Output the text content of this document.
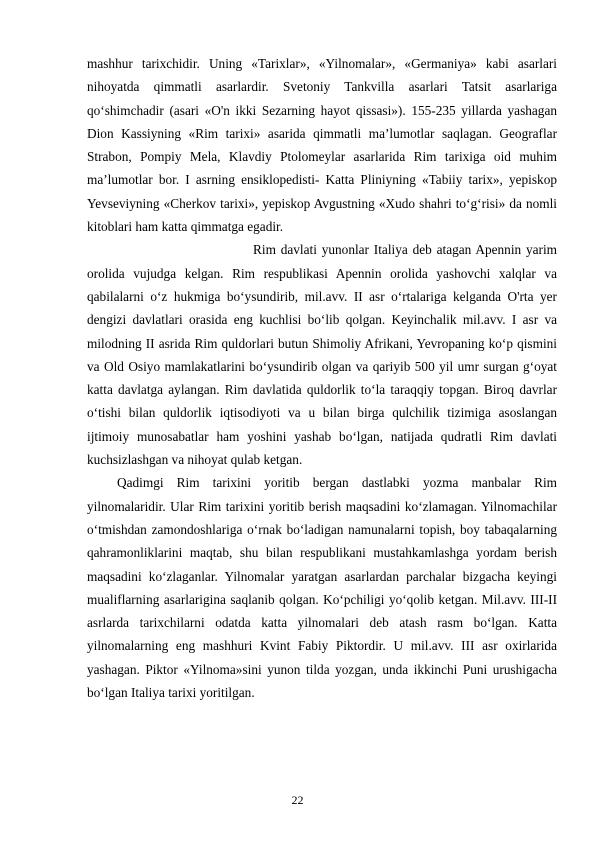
mashhur tarixchidir. Uning «Tarixlar», «Yilnomalar», «Germaniya» kabi asarlari nihoyatda qimmatli asarlardir. Svetoniy Tankvilla asarlari Tatsit asarlariga qo‘shimchadir (asari «O'n ikki Sezarning hayot qissasi»). 155-235 yillarda yashagan Dion Kassiyning «Rim tarixi» asarida qimmatli ma’lumotlar saqlagan. Geograflar Strabon, Pompiy Mela, Klavdiy Ptolomeylar asarlarida Rim tarixiga oid muhim ma’lumotlar bor. I asrning ensiklopedisti- Katta Pliniyning «Tabiiy tarix», yepiskop Yevseviyning «Cherkov tarixi», yepiskop Avgustning «Xudo shahri to‘g‘risi» da nomli kitoblari ham katta qimmatga egadir.

Rim davlati yunonlar Italiya deb atagan Apennin yarim orolida vujudga kelgan. Rim respublikasi Apennin orolida yashovchi xalqlar va qabilalarni o‘z hukmiga bo‘ysundirib, mil.avv. II asr o‘rtalariga kelganda O'rta yer dengizi davlatlari orasida eng kuchlisi bo‘lib qolgan. Keyinchalik mil.avv. I asr va milodning II asrida Rim quldorlari butun Shimoliy Afrikani, Yevropaning ko‘p qismini va Old Osiyo mamlakatlarini bo‘ysundirib olgan va qariyib 500 yil umr surgan g‘oyat katta davlatga aylangan. Rim davlatida quldorlik to‘la taraqqiy topgan. Biroq davrlar o‘tishi bilan quldorlik iqtisodiyoti va u bilan birga qulchilik tizimiga asoslangan ijtimoiy munosabatlar ham yoshini yashab bo‘lgan, natijada qudratli Rim davlati kuchsizlashgan va nihoyat qulab ketgan.

Qadimgi Rim tarixini yoritib bergan dastlabki yozma manbalar Rim yilnomalaridir. Ular Rim tarixini yoritib berish maqsadini ko‘zlamagan. Yilnomachilar o‘tmishdan zamondoshlariga o‘rnak bo‘ladigan namunalarni topish, boy tabaqalarning qahramonliklarini maqtab, shu bilan respublikani mustahkamlashga yordam berish maqsadini ko‘zlaganlar. Yilnomalar yaratgan asarlardan parchalar bizgacha keyingi mualiflarning asarlarigina saqlanib qolgan. Ko‘pchiligi yo‘qolib ketgan. Mil.avv. III-II asrlarda tarixchilarni odatda katta yilnomalari deb atash rasm bo‘lgan. Katta yilnomalarning eng mashhuri Kvint Fabiy Piktordir. U mil.avv. III asr oxirlarida yashagan. Piktor «Yilnoma»sini yunon tilda yozgan, unda ikkinchi Puni urushigacha bo‘lgan Italiya tarixi yoritilgan.

22
